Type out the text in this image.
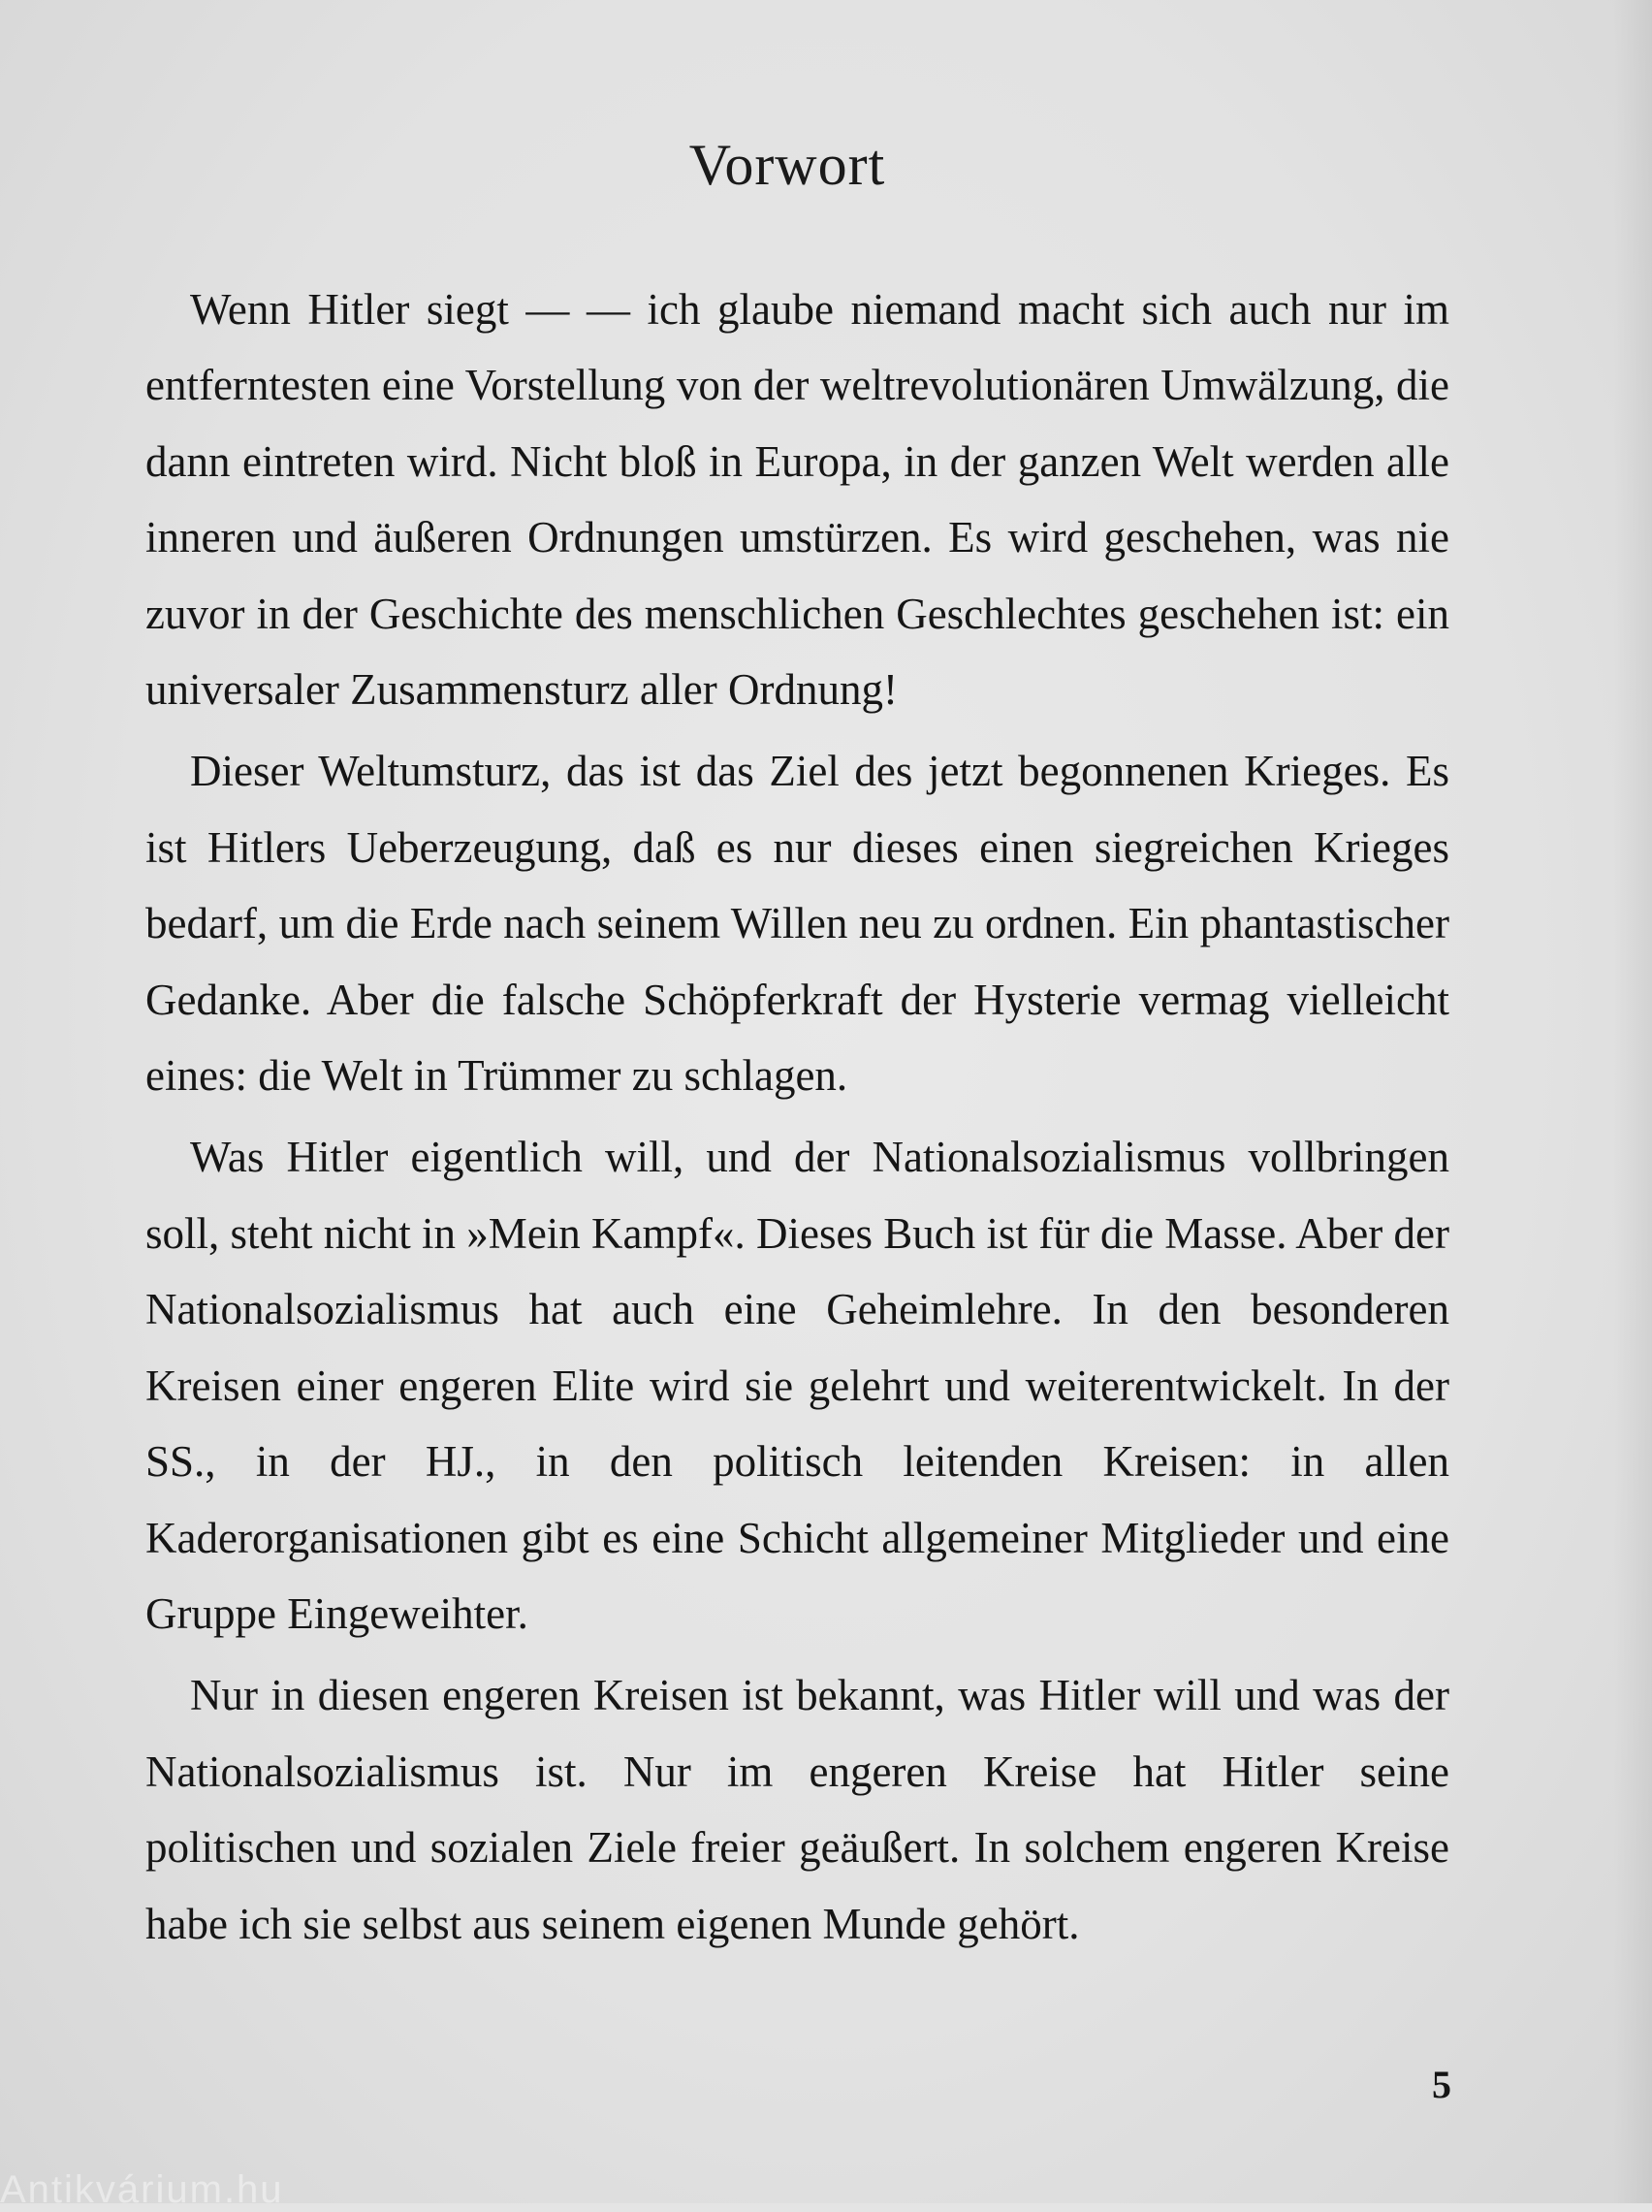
Vorwort

Wenn Hitler siegt — — ich glaube niemand macht sich auch nur im entferntesten eine Vorstellung von der weltrevolutionären Umwälzung, die dann eintreten wird. Nicht bloß in Europa, in der ganzen Welt werden alle inneren und äußeren Ordnungen umstürzen. Es wird geschehen, was nie zuvor in der Geschichte des menschlichen Geschlechtes geschehen ist: ein universaler Zusammensturz aller Ordnung!

Dieser Weltumsturz, das ist das Ziel des jetzt begonnenen Krieges. Es ist Hitlers Ueberzeugung, daß es nur dieses einen siegreichen Krieges bedarf, um die Erde nach seinem Willen neu zu ordnen. Ein phantastischer Gedanke. Aber die falsche Schöpferkraft der Hysterie vermag vielleicht eines: die Welt in Trümmer zu schlagen.

Was Hitler eigentlich will, und der Nationalsozialismus vollbringen soll, steht nicht in »Mein Kampf«. Dieses Buch ist für die Masse. Aber der Nationalsozialismus hat auch eine Geheimlehre. In den besonderen Kreisen einer engeren Elite wird sie gelehrt und weiterentwickelt. In der SS., in der HJ., in den politisch leitenden Kreisen: in allen Kaderorganisationen gibt es eine Schicht allgemeiner Mitglieder und eine Gruppe Eingeweihter.

Nur in diesen engeren Kreisen ist bekannt, was Hitler will und was der Nationalsozialismus ist. Nur im engeren Kreise hat Hitler seine politischen und sozialen Ziele freier geäußert. In solchem engeren Kreise habe ich sie selbst aus seinem eigenen Munde gehört.

5
Antikvárium.hu
